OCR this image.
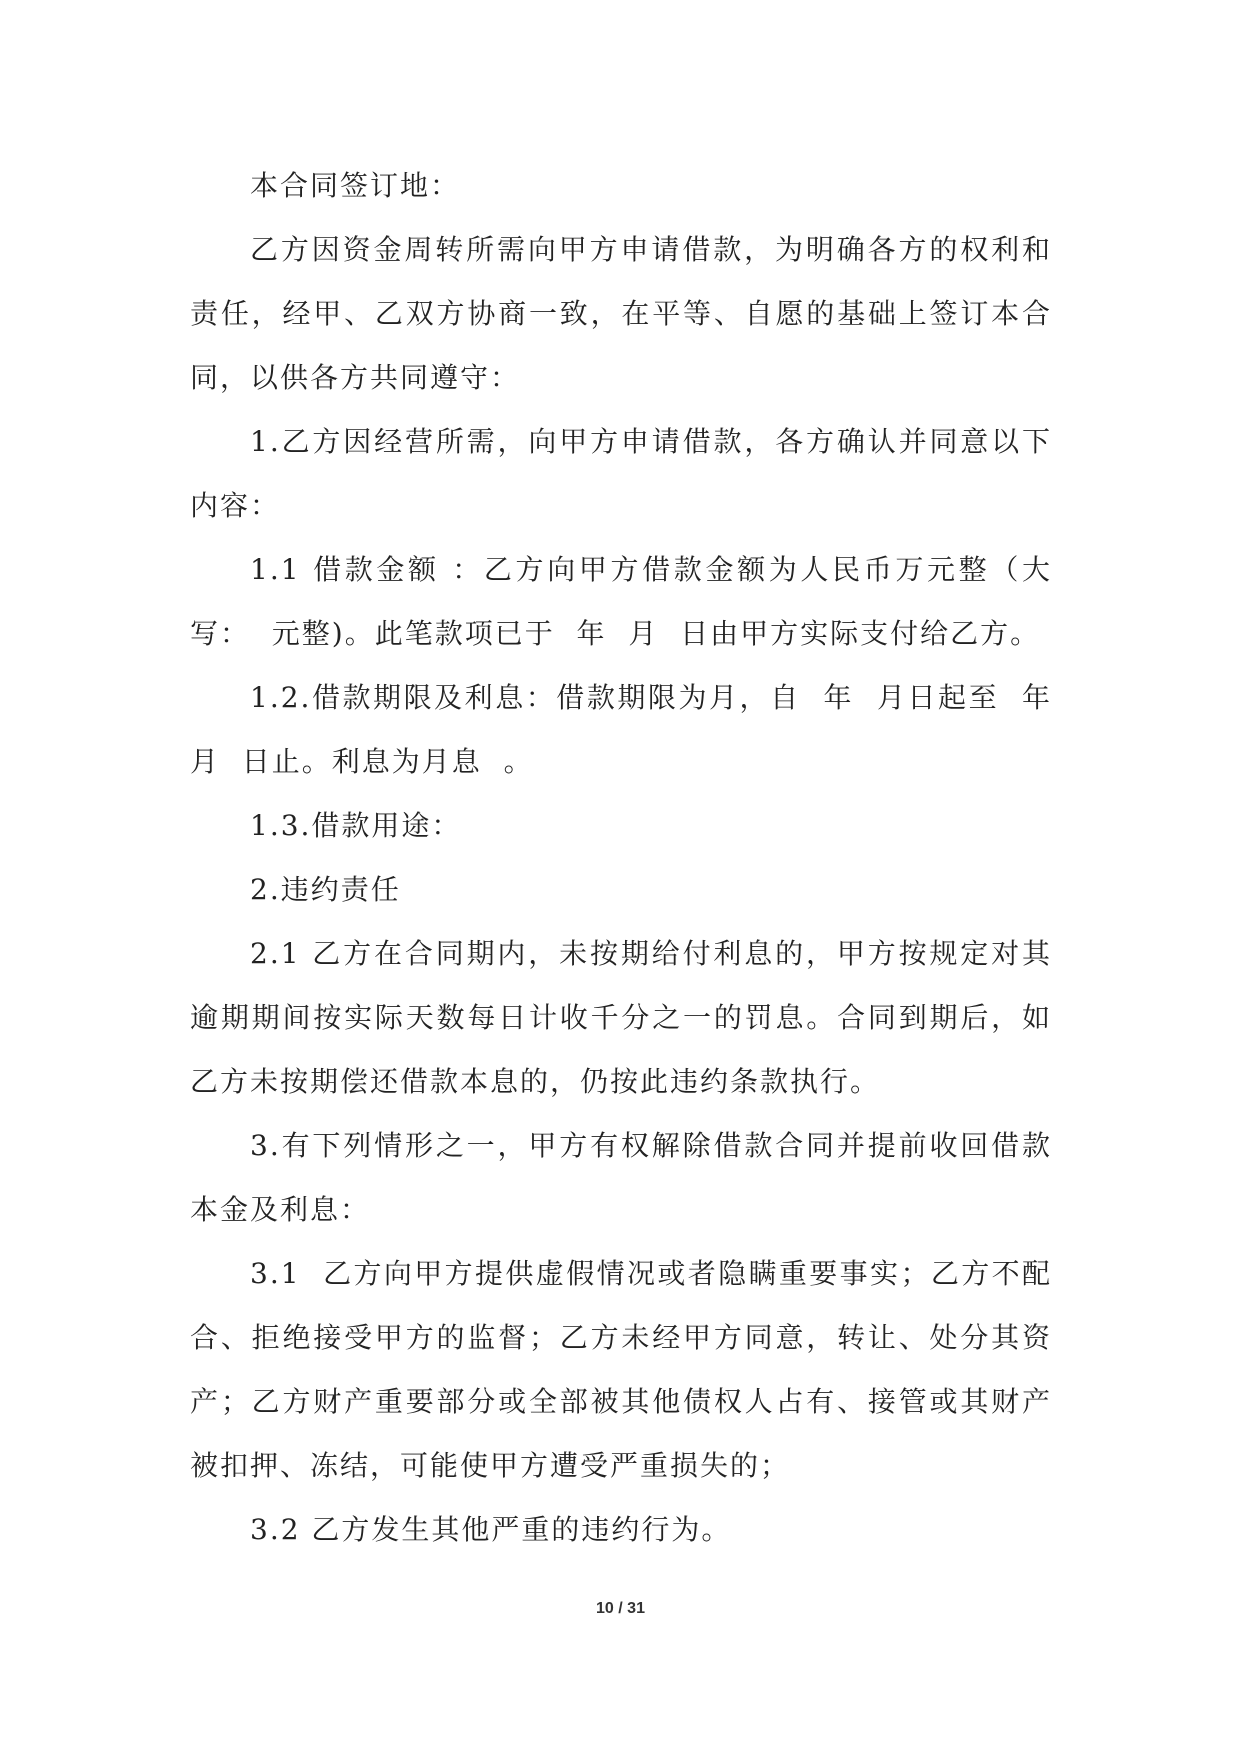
本合同签订地：

乙方因资金周转所需向甲方申请借款，为明确各方的权利和责任，经甲、乙双方协商一致，在平等、自愿的基础上签订本合同，以供各方共同遵守：

1.乙方因经营所需，向甲方申请借款，各方确认并同意以下内容：

1.1 借款金额 ：乙方向甲方借款金额为人民币万元整（大写：  元整)。此笔款项已于  年  月  日由甲方实际支付给乙方。

1.2.借款期限及利息：借款期限为月，自  年  月日起至  年月  日止。利息为月息  。

1.3.借款用途：

2.违约责任

2.1 乙方在合同期内，未按期给付利息的，甲方按规定对其逾期期间按实际天数每日计收千分之一的罚息。合同到期后，如乙方未按期偿还借款本息的，仍按此违约条款执行。

3.有下列情形之一，甲方有权解除借款合同并提前收回借款本金及利息：

3.1  乙方向甲方提供虚假情况或者隐瞒重要事实；乙方不配合、拒绝接受甲方的监督；乙方未经甲方同意，转让、处分其资产；乙方财产重要部分或全部被其他债权人占有、接管或其财产被扣押、冻结，可能使甲方遭受严重损失的；

3.2 乙方发生其他严重的违约行为。

10 / 31
